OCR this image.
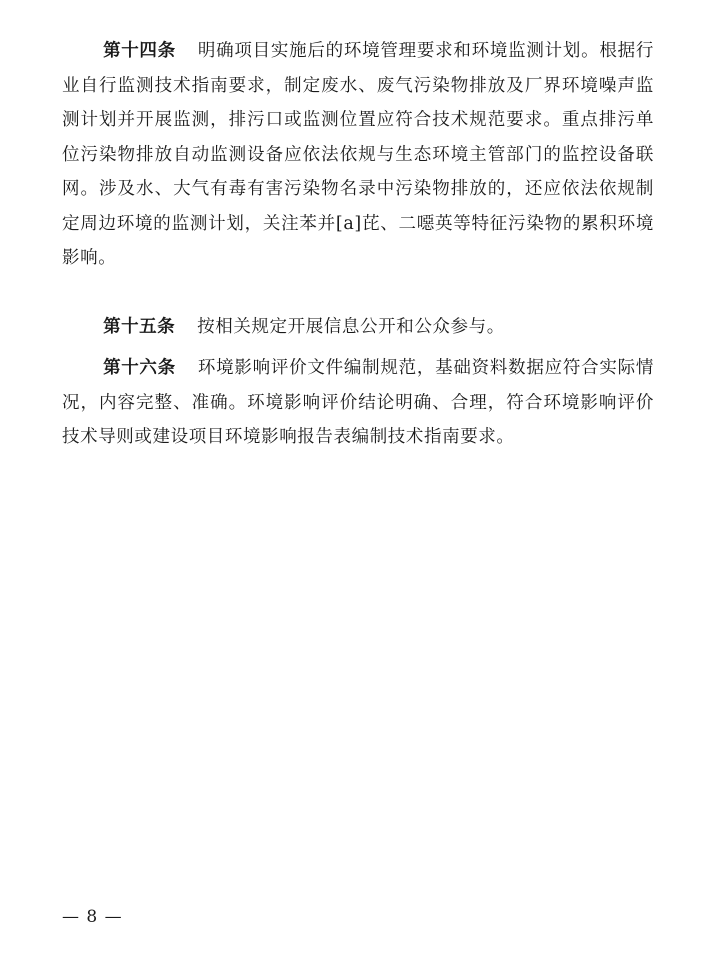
第十四条 明确项目实施后的环境管理要求和环境监测计划。根据行业自行监测技术指南要求，制定废水、废气污染物排放及厂界环境噪声监测计划并开展监测，排污口或监测位置应符合技术规范要求。重点排污单位污染物排放自动监测设备应依法依规与生态环境主管部门的监控设备联网。涉及水、大气有毒有害污染物名录中污染物排放的，还应依法依规制定周边环境的监测计划，关注苯并[a]芘、二噁英等特征污染物的累积环境影响。

第十五条 按相关规定开展信息公开和公众参与。

第十六条 环境影响评价文件编制规范，基础资料数据应符合实际情况，内容完整、准确。环境影响评价结论明确、合理，符合环境影响评价技术导则或建设项目环境影响报告表编制技术指南要求。

— 8 —
